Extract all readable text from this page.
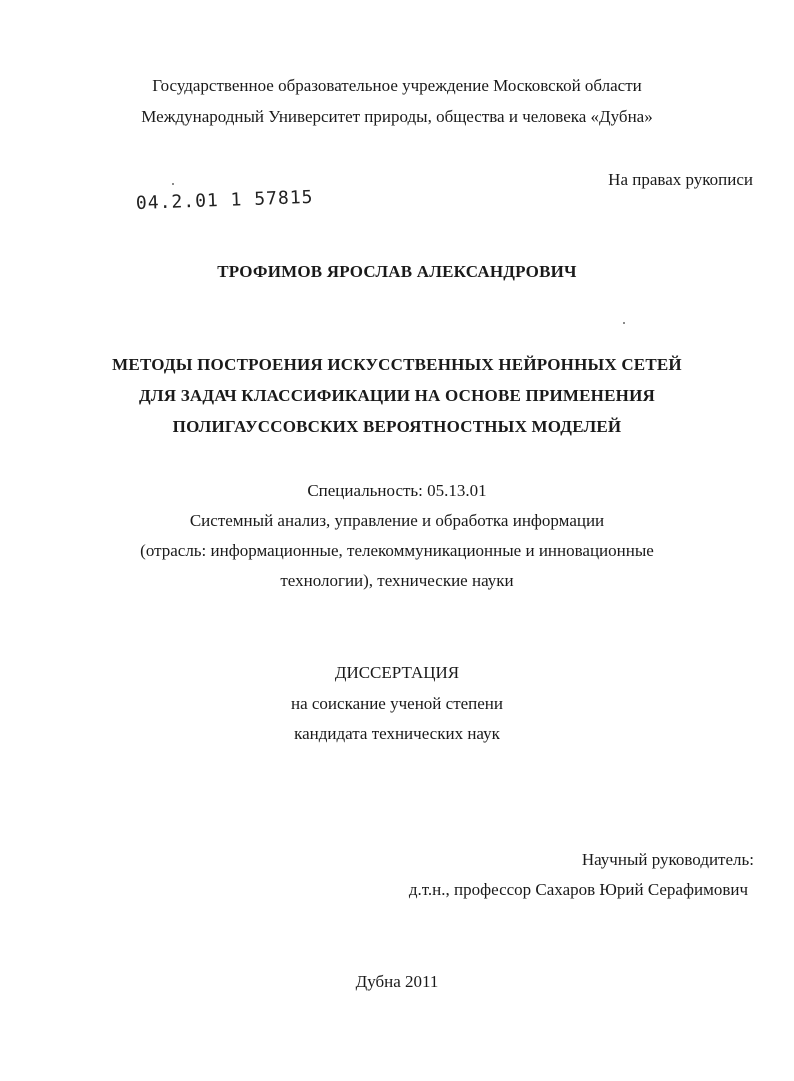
Государственное образовательное учреждение Московской области
Международный Университет природы, общества и человека «Дубна»
На правах рукописи
04.2.01 1 57815
ТРОФИМОВ ЯРОСЛАВ АЛЕКСАНДРОВИЧ
МЕТОДЫ ПОСТРОЕНИЯ ИСКУССТВЕННЫХ НЕЙРОННЫХ СЕТЕЙ
ДЛЯ ЗАДАЧ КЛАССИФИКАЦИИ НА ОСНОВЕ ПРИМЕНЕНИЯ
ПОЛИГАУССОВСКИХ ВЕРОЯТНОСТНЫХ МОДЕЛЕЙ
Специальность: 05.13.01
Системный анализ, управление и обработка информации
(отрасль: информационные, телекоммуникационные и инновационные
технологии), технические науки
ДИССЕРТАЦИЯ
на соискание ученой степени
кандидата технических наук
Научный руководитель:
д.т.н., профессор Сахаров Юрий Серафимович
Дубна 2011
